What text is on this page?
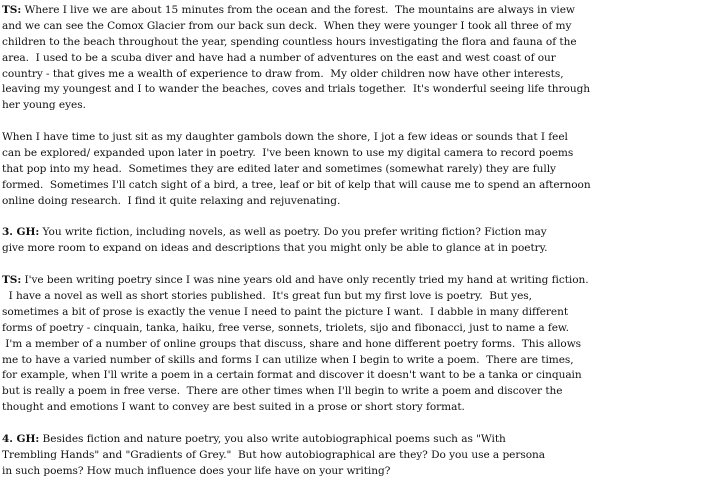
TS: Where I live we are about 15 minutes from the ocean and the forest.  The mountains are always in view
and we can see the Comox Glacier from our back sun deck.  When they were younger I took all three of my
children to the beach throughout the year, spending countless hours investigating the flora and fauna of the
area.  I used to be a scuba diver and have had a number of adventures on the east and west coast of our
country - that gives me a wealth of experience to draw from.  My older children now have other interests,
leaving my youngest and I to wander the beaches, coves and trials together.  It's wonderful seeing life through
her young eyes.
When I have time to just sit as my daughter gambols down the shore, I jot a few ideas or sounds that I feel
can be explored/ expanded upon later in poetry.  I've been known to use my digital camera to record poems
that pop into my head.  Sometimes they are edited later and sometimes (somewhat rarely) they are fully
formed.  Sometimes I'll catch sight of a bird, a tree, leaf or bit of kelp that will cause me to spend an afternoon
online doing research.  I find it quite relaxing and rejuvenating.
3. GH: You write fiction, including novels, as well as poetry. Do you prefer writing fiction? Fiction may
give more room to expand on ideas and descriptions that you might only be able to glance at in poetry.
TS: I've been writing poetry since I was nine years old and have only recently tried my hand at writing fiction.
I have a novel as well as short stories published.  It's great fun but my first love is poetry.  But yes,
sometimes a bit of prose is exactly the venue I need to paint the picture I want.  I dabble in many different
forms of poetry - cinquain, tanka, haiku, free verse, sonnets, triolets, sijo and fibonacci, just to name a few.
I'm a member of a number of online groups that discuss, share and hone different poetry forms.  This allows
me to have a varied number of skills and forms I can utilize when I begin to write a poem.  There are times,
for example, when I'll write a poem in a certain format and discover it doesn't want to be a tanka or cinquain
but is really a poem in free verse.  There are other times when I'll begin to write a poem and discover the
thought and emotions I want to convey are best suited in a prose or short story format.
4. GH: Besides fiction and nature poetry, you also write autobiographical poems such as "With
Trembling Hands" and "Gradients of Grey."  But how autobiographical are they? Do you use a persona
in such poems? How much influence does your life have on your writing?
